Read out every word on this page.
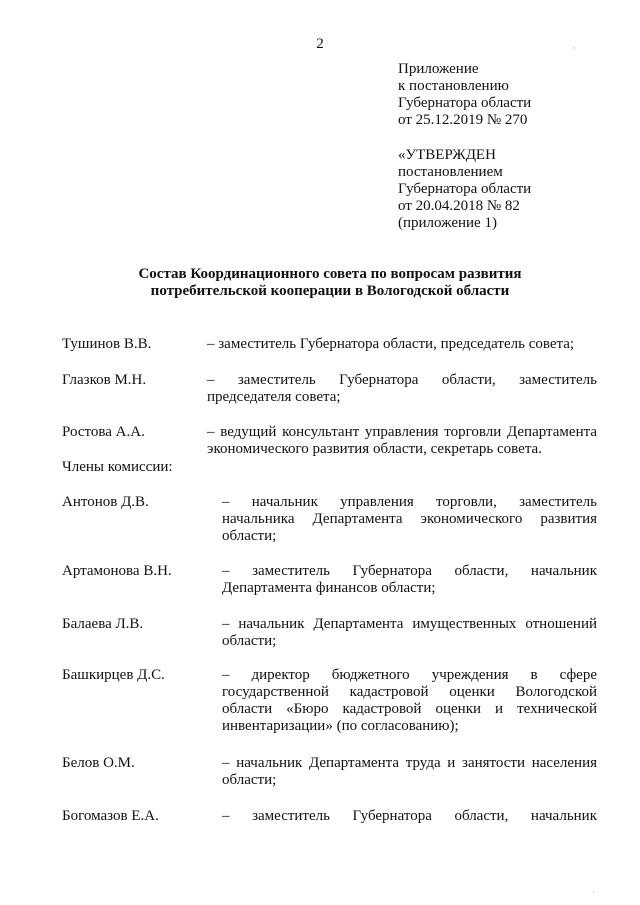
2
Приложение
к постановлению
Губернатора области
от 25.12.2019 № 270
«УТВЕРЖДЕН
постановлением
Губернатора области
от 20.04.2018 № 82
(приложение 1)
Состав Координационного совета по вопросам развития
потребительской кооперации в Вологодской области
Тушинов В.В.	– заместитель Губернатора области, председатель совета;
Глазков М.Н.	– заместитель Губернатора области, заместитель
председателя совета;
Ростова А.А.	– ведущий консультант управления торговли Департамента
экономического развития области, секретарь совета.
Члены комиссии:
Антонов Д.В.	– начальник управления торговли, заместитель
начальника Департамента экономического развития
области;
Артамонова В.Н.	– заместитель Губернатора области, начальник
Департамента финансов области;
Балаева Л.В.	– начальник Департамента имущественных отношений
области;
Башкирцев Д.С.	– директор бюджетного учреждения в сфере
государственной кадастровой оценки Вологодской
области «Бюро кадастровой оценки и технической
инвентаризации» (по согласованию);
Белов О.М.	– начальник Департамента труда и занятости населения
области;
Богомазов Е.А.	– заместитель Губернатора области, начальник
·
·
